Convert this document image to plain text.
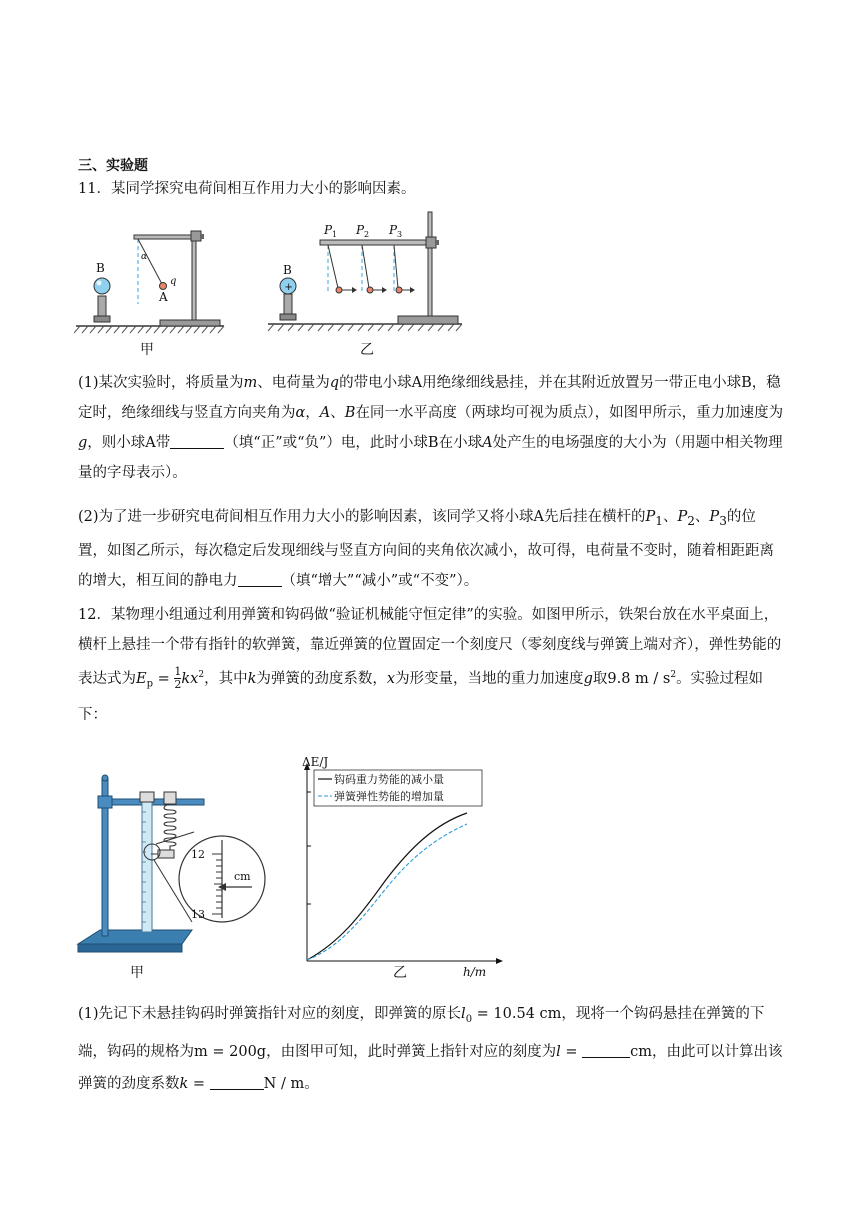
三、实验题
11．某同学探究电荷间相互作用力大小的影响因素。
α
q
A
B
甲
+
P 1 P 2 P 3
B
乙
(1)某次实验时，将质量为m、电荷量为q的带电小球A用绝缘细线悬挂，并在其附近放置另一带正电小球B，稳定时，绝缘细线与竖直方向夹角为α，A、B在同一水平高度（两球均可视为质点），如图甲所示，重力加速度为g，则小球A带	（填“正”或“负”）电，此时小球B在小球A处产生的电场强度的大小为（用题中相关物理量的字母表示）。
(2)为了进一步研究电荷间相互作用力大小的影响因素，该同学又将小球A先后挂在横杆的$P_1$、$P_2$、$P_3$的位置，如图乙所示，每次稳定后发现细线与竖直方向间的夹角依次减小，故可得，电荷量不变时，随着相距距离的增大，相互间的静电力	（填“增大”“减小”或“不变”）。
12．某物理小组通过利用弹簧和钩码做“验证机械能守恒定律”的实验。如图甲所示，铁架台放在水平桌面上，横杆上悬挂一个带有指针的软弹簧，靠近弹簧的位置固定一个刻度尺（零刻度线与弹簧上端对齐），弹性势能的表达式为$E_p = \frac{1}{2} kx^2$，其中k为弹簧的劲度系数，x为形变量，当地的重力加速度g取9.8 m / $s^2$。实验过程如下：
12
13
cm
甲
钩码重力势能的减小量
弹簧弹性势能的增加量
ΔE/J
h/m
乙
(1)先记下未悬挂钩码时弹簧指针对应的刻度，即弹簧的原长$l_0 = 10.54$ cm，现将一个钩码悬挂在弹簧的下端，钩码的规格为m = 200g，由图甲可知，此时弹簧上指针对应的刻度为l =	cm，由此可以计算出该弹簧的劲度系数k =	N / m。
